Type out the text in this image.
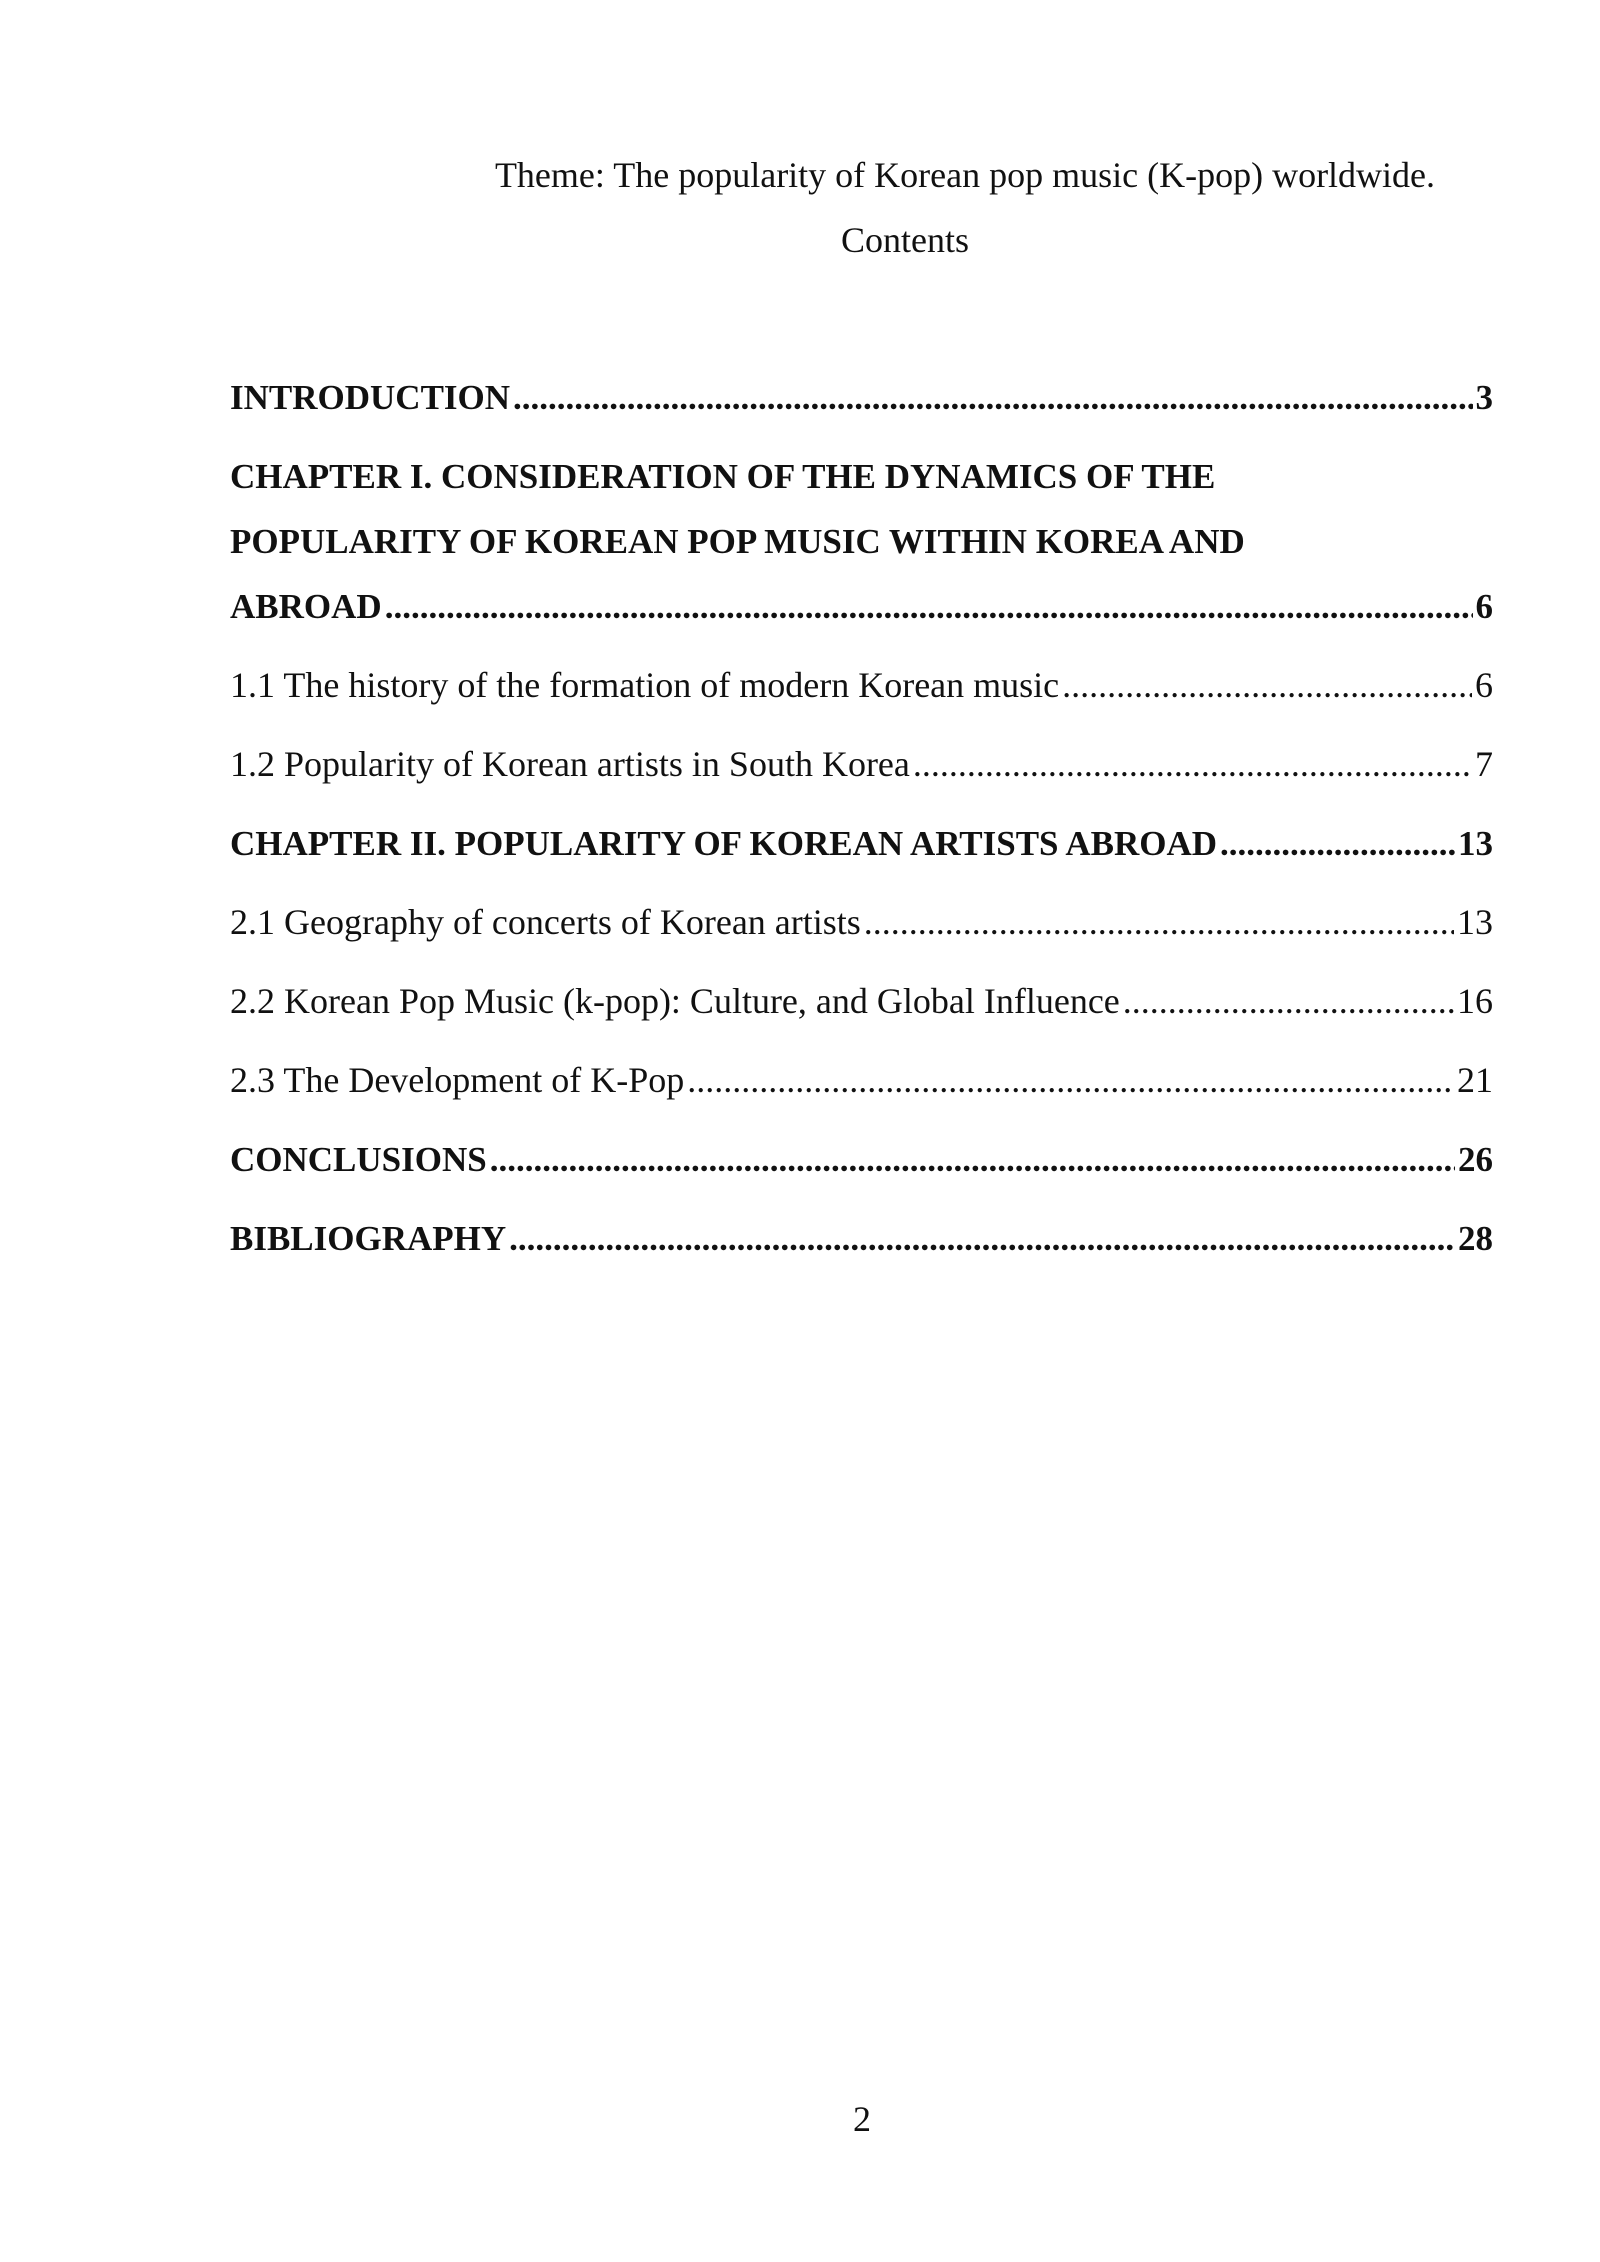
Theme: The popularity of Korean pop music (K-pop) worldwide.
Contents
INTRODUCTION .....	3
CHAPTER I. CONSIDERATION OF THE DYNAMICS OF THE
POPULARITY OF KOREAN POP MUSIC WITHIN KOREA AND
ABROAD .....	6
1.1 The history of the formation of modern Korean music .....	6
1.2 Popularity of Korean artists in South Korea .....	7
CHAPTER II. POPULARITY OF KOREAN ARTISTS ABROAD .....	13
2.1 Geography of concerts of Korean artists .....	13
2.2 Korean Pop Music (k-pop): Culture, and Global Influence .....	16
2.3 The Development of K-Pop .....	21
CONCLUSIONS .....	26
BIBLIOGRAPHY .....	28
2
